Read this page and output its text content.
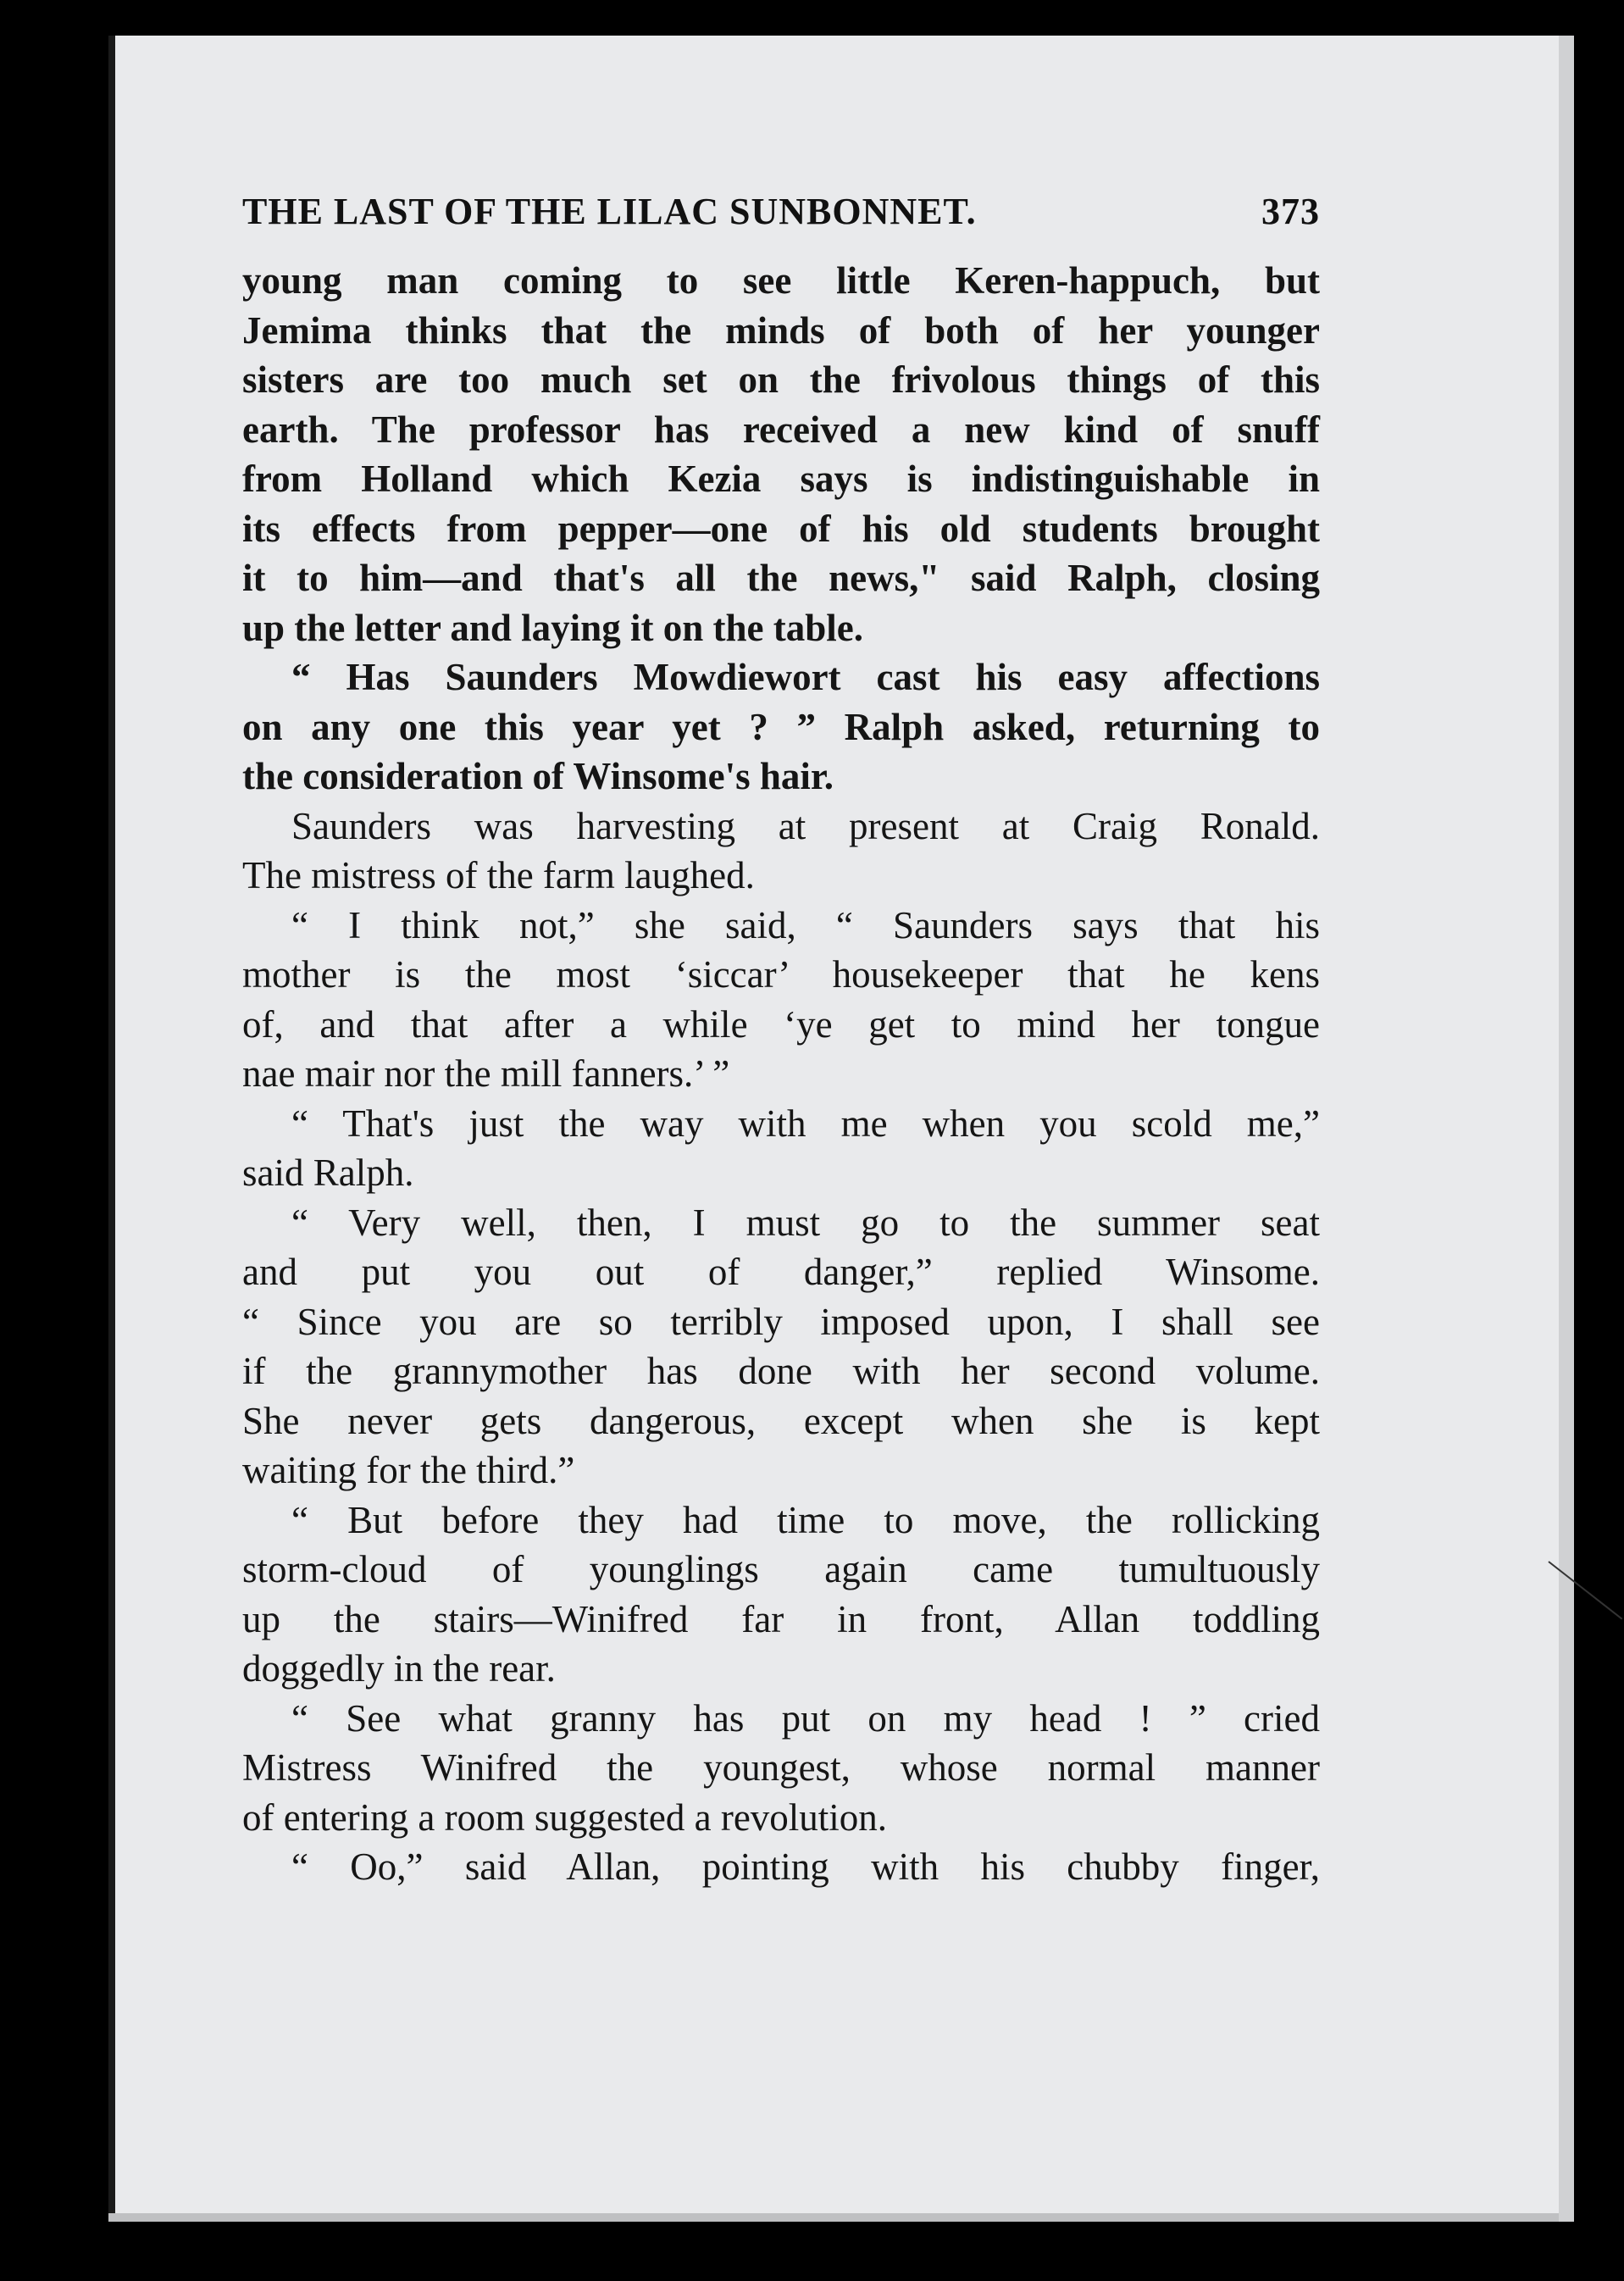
THE LAST OF THE LILAC SUNBONNET.	373
young man coming to see little Keren-happuch, but
Jemima thinks that the minds of both of her younger
sisters are too much set on the frivolous things of this
earth. The professor has received a new kind of snuff
from Holland which Kezia says is indistinguishable in
its effects from pepper—one of his old students brought
it to him—and that's all the news," said Ralph, closing
up the letter and laying it on the table.
“ Has Saunders Mowdiewort cast his easy affections
on any one this year yet ? ” Ralph asked, returning to
the consideration of Winsome's hair.
Saunders was harvesting at present at Craig Ronald.
The mistress of the farm laughed.
“ I think not,” she said, “ Saunders says that his
mother is the most ‘siccar’ housekeeper that he kens
of, and that after a while ‘ye get to mind her tongue
nae mair nor the mill fanners.’ ”
“ That's just the way with me when you scold me,”
said Ralph.
“ Very well, then, I must go to the summer seat
and put you out of danger,” replied Winsome.
“ Since you are so terribly imposed upon, I shall see
if the grannymother has done with her second volume.
She never gets dangerous, except when she is kept
waiting for the third.”
“ But before they had time to move, the rollicking
storm-cloud of younglings again came tumultuously
up the stairs—Winifred far in front, Allan toddling
doggedly in the rear.
“ See what granny has put on my head ! ” cried
Mistress Winifred the youngest, whose normal manner
of entering a room suggested a revolution.
“ Oo,” said Allan, pointing with his chubby finger,
